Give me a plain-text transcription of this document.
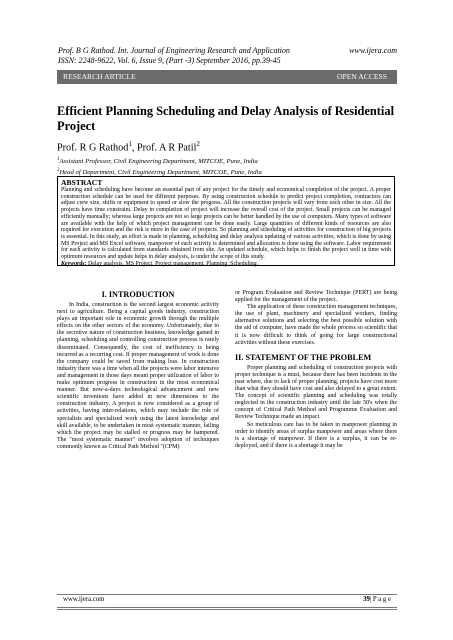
Prof. B G Rathod. Int. Journal of Engineering Research and Application
ISSN: 2248-9622, Vol. 6, Issue 9, (Part -3) September 2016, pp.39-45
www.ijera.com
RESEARCH ARTICLE	OPEN ACCESS
Efficient Planning Scheduling and Delay Analysis of Residential Project
Prof. R G Rathod$^1$, Prof. A R Patil$^2$
$^1$Assistant Professor, Civil Engineering Department, MITCOE, Pune, India
$^2$Head of Department, Civil Engineering Department, MITCOE, Pune, India
ABSTRACT
Planning and scheduling have become an essential part of any project for the timely and economical completion of the project. A proper construction schedule can be used for different purposes. By using construction schedule to predict project completion, contractors can adjust crew size, shifts or equipment to speed or slow the progress. All the construction projects will vary from each other in size. All the projects have time constraint. Delay in completion of project will increase the overall cost of the project. Small projects can be managed efficiently manually; whereas large projects are not so large projects can be better handled by the use of computers. Many types of software are available with the help of which project management can be done easily. Large quantities of different kinds of resources are also required for execution and the risk is more in the case of projects. So planning and scheduling of activities for construction of big projects is essential. In this study, an effort is made in planning, scheduling and delay analysis updating of various activities, which is done by using MS Project and MS Excel software, manpower of each activity is determined and allocation is done using the software. Labor requirement for each activity is calculated from standards obtained from site. An updated schedule, which helps to finish the project well in time with optimum resources and update helps in delay analysis, is under the scope of this study.
Keywords: Delay analysis, MS Project, Project management, Planning, Scheduling.
I. INTRODUCTION

In India, construction is the second largest economic activity next to agriculture. Being a capital goods industry, construction plays an important role in economic growth through the multiple effects on the other sectors of the economy. Unfortunately, due to the secretive nature of construction business, knowledge gained in planning, scheduling and controlling construction process is rarely disseminated. Consequently, the cost of inefficiency is being incurred as a recurring cost. If proper management of work is done the company could be saved from making loss. In construction industry there was a time when all the projects were labor intensive and management in those days meant proper utilization of labor to make optimum progress in construction in the most economical manner. But now-a-days technological advancement and new scientific inventions have added in new dimensions to the construction industry. A project is now considered as a group of activities, having inter-relations, which may include the role of specialists and specialized work using the latest knowledge and skill available, to be undertaken in most systematic manner, failing which the project may be stalled or progress may be hampered. The "most systematic manner" involves adoption of techniques commonly known as Critical Path Method "(CPM)

or Program Evaluation and Review Technique (PERT) are being applied for the management of the project.

The application of these construction management techniques, the use of plant, machinery and specialized workers, finding alternative solutions and selecting the best possible solution with the aid of computer, have made the whole process so scientific that it is now difficult to think of going for large constructional activities without these exercises.

II. STATEMENT OF THE PROBLEM

Proper planning and scheduling of construction projects with proper technique is a must, because there has been incidents in the past where, due to lack of proper planning, projects have cost more than what they should have cost and also delayed to a great extent. The concept of scientific planning and scheduling was totally neglected in the construction industry until the late 50's when the concept of Critical Path Method and Programme Evaluation and Review Technique made an impact.

So meticulous care has to be taken in manpower planning in order to identify areas of surplus manpower and areas where there is a shortage of manpower. If there is a surplus, it can be re-deployed, and if there is a shortage it may be

www.ijera.com	39| P a g e
